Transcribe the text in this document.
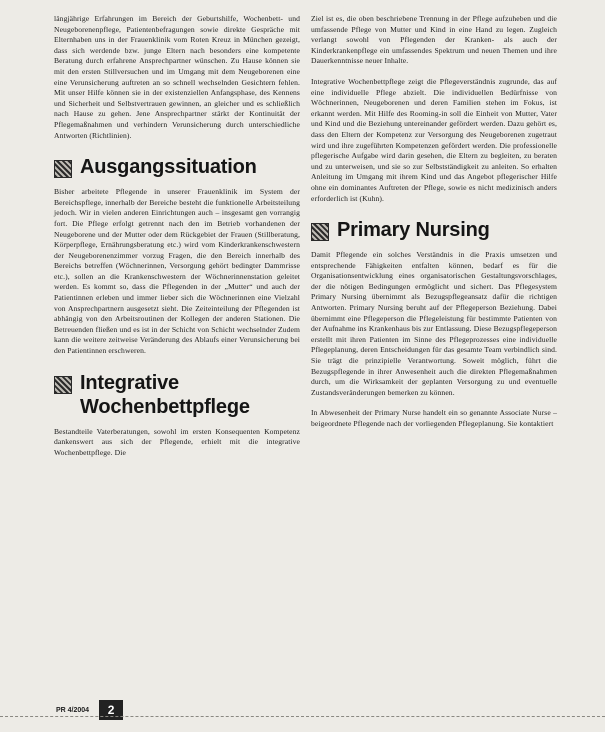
längjährige Erfahrungen im Bereich der Geburtshilfe, Wochenbett- und Neugeborenenpflege, Patientenbefragungen sowie direkte Gespräche mit Elternhaben uns in der Frauenklinik vom Roten Kreuz in München gezeigt, dass sich werdende bzw. junge Eltern nach besonders eine kompetente Beratung durch erfahrene Ansprechpartner wünschen. Zu Hause können sie mit den ersten Stillversuchen und im Umgang mit dem Neugeborenen eine eine Verunsicherung auftreten an so schnell wechselnden Gesichtern fehlen. Mit unser Hilfe können sie in der existenziellen Anfangsphase, des Kennens und Sicherheit und Selbstvertrauen gewinnen, an gleicher und es schließlich nach Hause zu gehen. Jene Ansprechpartner stärkt der Kontinuität der Pflegemaßnahmen und verhindern Verunsicherung durch unterschiedliche Antworten (Richtlinien).

Ausgangssituation

Bisher arbeitete Pflegende in unserer Frauenklinik im System der Bereichspflege, innerhalb der Bereiche besteht die funktionelle Arbeitsteilung jedoch. Wir in vielen anderen Einrichtungen auch – insgesamt gen vorrangig fort. Die Pflege erfolgt getrennt nach den im Betrieb vorhandenen der Neugeborene und der Mutter oder dem Rückgebiet der Frauen (Stillberatung, Körperpflege, Ernährungsberatung etc.) wird vom Kinderkrankenschwestern der Neugeborenenzimmer vorzug Fragen, die den Bereich innerhalb des Bereichs betreffen (Wöchnerinnen, Versorgung gehört bedingter Dammrisse etc.), sollen an die Krankenschwestern der Wöchnerinnenstation geleitet werden. Es kommt so, dass die Pflegenden in der „Mutter“ und auch der Patientinnen erleben und immer lieber sich die Wöchnerinnen eine Vielzahl von Ansprechpartnern ausgesetzt sieht. Die Zeiteinteilung der Pflegenden ist abhängig von den Arbeitsroutinen der Kollegen der anderen Stationen. Die Betreuenden fließen und es ist in der Schicht von Schicht wechselnder Zudem kann die weitere zeitweise Veränderung des Ablaufs einer Verunsicherung bei den Patientinnen erschweren.

Integrative Wochenbettpflege

Bestandteile Vaterberatungen, sowohl im ersten Konsequenten Kompetenz dankenswert aus sich der Pflegende, erhielt mit die integrative Wochenbettpflege. Die

Ziel ist es, die oben beschriebene Trennung in der Pflege aufzuheben und die umfassende Pflege von Mutter und Kind in eine Hand zu legen. Zugleich verlangt sowohl von Pflegenden der Kranken- als auch der Kinderkrankenpflege ein umfassendes Spektrum und neuen Themen und ihre Dauerkenntnisse neuer Inhalte.

Integrative Wochenbettpflege zeigt die Pflegeverständnis zugrunde, das auf eine individuelle Pflege abzielt. Die individuellen Bedürfnisse von Wöchnerinnen, Neugeborenen und deren Familien stehen im Fokus, ist erkannt werden. Mit Hilfe des Rooming-in soll die Einheit von Mutter, Vater und Kind und die Beziehung untereinander gefördert werden. Dazu gehört es, dass den Eltern der Kompetenz zur Versorgung des Neugeborenen zugetraut wird und ihre zugeführten Kompetenzen gefördert werden. Die professionelle pflegerische Aufgabe wird darin gesehen, die Eltern zu begleiten, zu beraten und zu unterweisen, und sie so zur Selbstständigkeit zu anleiten. So erhalten Anleitung im Umgang mit ihrem Kind und das Angebot pflegerischer Hilfe ohne ein dominantes Auftreten der Pflege, sowie es nicht medizinisch anders erforderlich ist (Kuhn).

Primary Nursing

Damit Pflegende ein solches Verständnis in die Praxis umsetzen und entsprechende Fähigkeiten entfalten können, bedarf es für die Organisationsentwicklung eines organisatorischen Gestaltungsvorschlages, der die nötigen Bedingungen ermöglicht und sichert. Das Pflegesystem Primary Nursing übernimmt als Bezugspflegeansatz dafür die richtigen Antworten. Primary Nursing beruht auf der Pflegeperson Beziehung. Dabei übernimmt eine Pflegeperson die Pflegeleistung für bestimmte Patienten von der Aufnahme ins Krankenhaus bis zur Entlassung. Diese Bezugspflegeperson erstellt mit ihren Patienten im Sinne des Pflegeprozesses eine individuelle Pflegeplanung, deren Entscheidungen für das gesamte Team verbindlich sind. Sie trägt die prinzipielle Verantwortung. Soweit möglich, führt die Bezugspflegende in ihrer Anwesenheit auch die direkten Pflegemaßnahmen durch, um die Wirksamkeit der geplanten Versorgung zu und eventuelle Zustandsveränderungen bemerken zu können.

In Abwesenheit der Primary Nurse handelt ein so genannte Associate Nurse – beigeordnete Pflegende nach der vorliegenden Pflegeplanung. Sie kontaktiert

PR 4/2004	2
